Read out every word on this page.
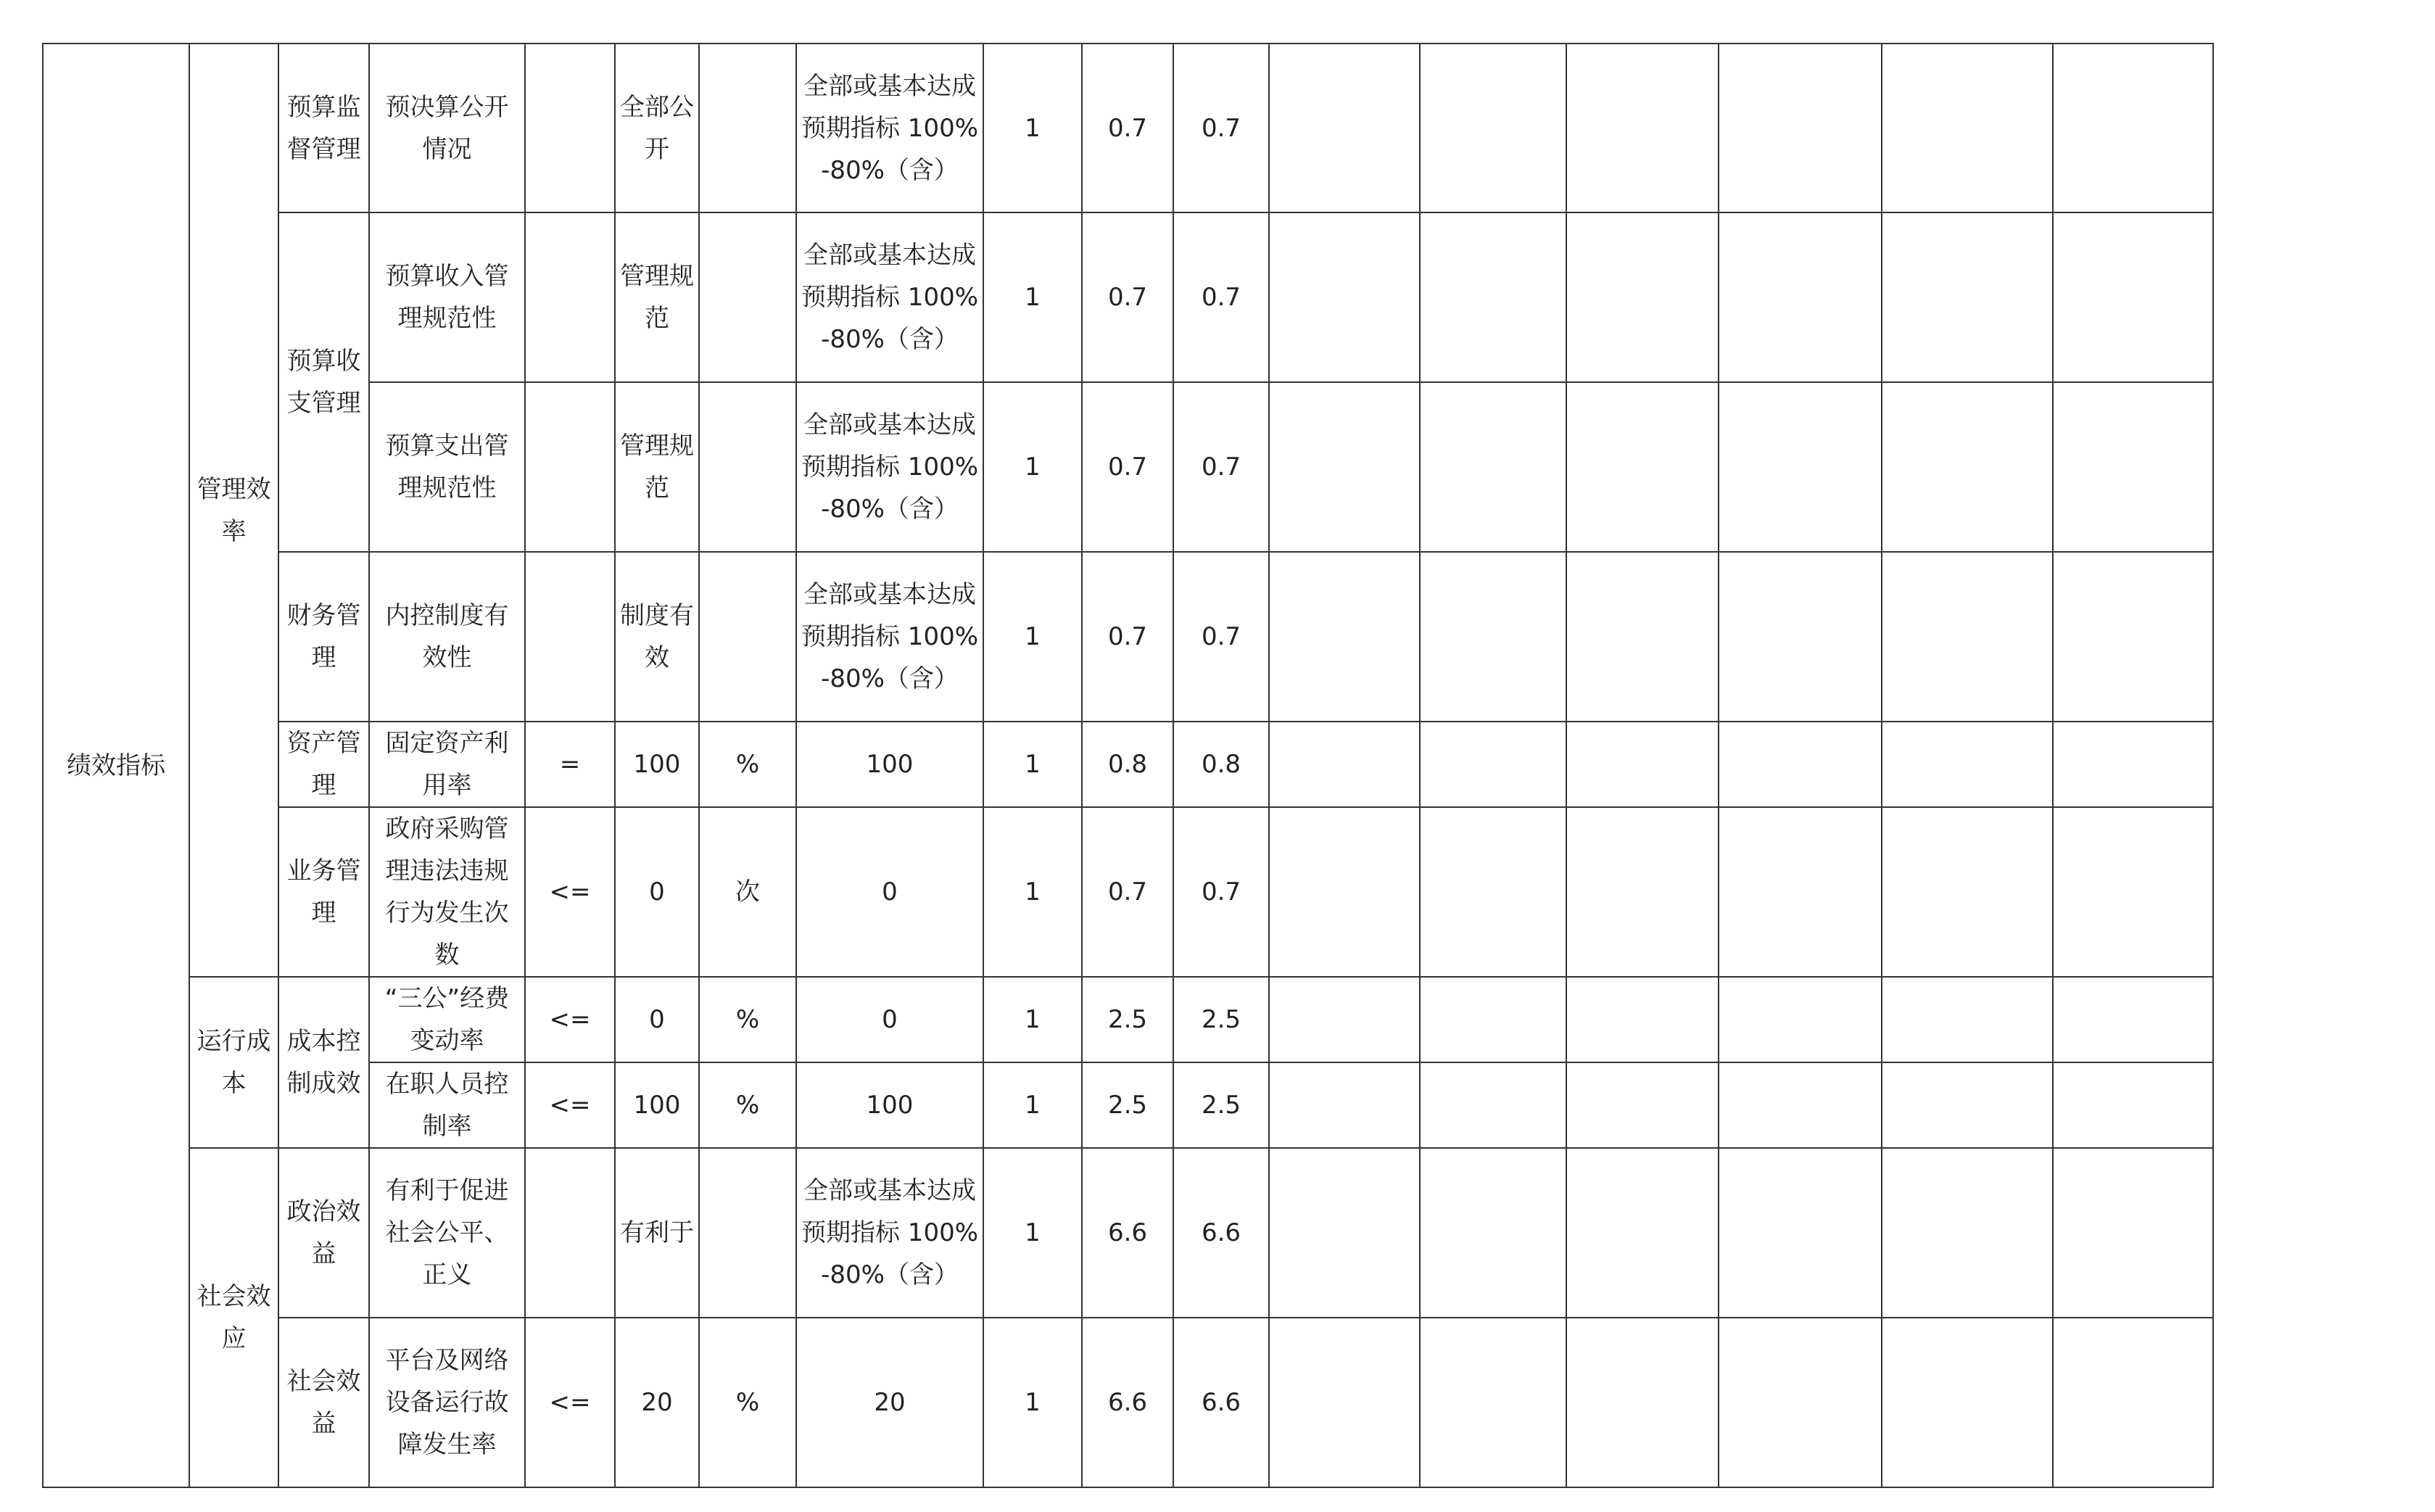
绩效指标	管理效率	预算监督管理	预决算公开情况		全部公开		全部或基本达成预期指标 100%-80%（含）	1	0.7	0.7						
		预算收支管理	预算收入管理规范性		管理规范		全部或基本达成预期指标 100%-80%（含）	1	0.7	0.7						
			预算支出管理规范性		管理规范		全部或基本达成预期指标 100%-80%（含）	1	0.7	0.7						
		财务管理	内控制度有效性		制度有效		全部或基本达成预期指标 100%-80%（含）	1	0.7	0.7						
		资产管理	固定资产利用率	=	100	%	100	1	0.8	0.8						
		业务管理	政府采购管理违法违规行为发生次数	<=	0	次	0	1	0.7	0.7						
	运行成本	成本控制成效	“三公”经费变动率	<=	0	%	0	1	2.5	2.5						
			在职人员控制率	<=	100	%	100	1	2.5	2.5						
	社会效应	政治效益	有利于促进社会公平、正义		有利于		全部或基本达成预期指标 100%-80%（含）	1	6.6	6.6						
		社会效益	平台及网络设备运行故障发生率	<=	20	%	20	1	6.6	6.6						
